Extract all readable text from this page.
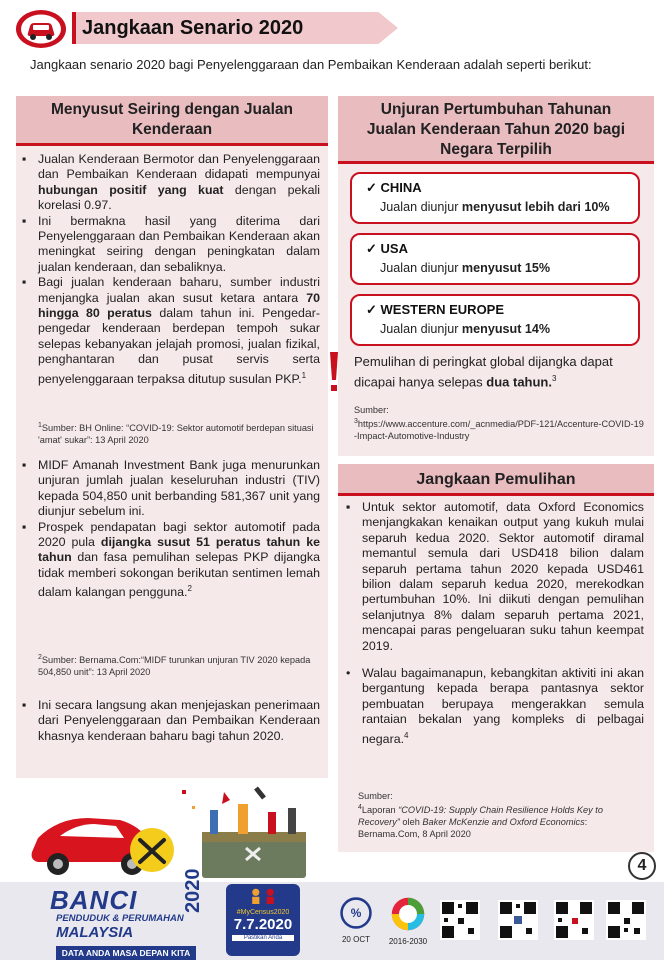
Jangkaan Senario 2020
Jangkaan senario 2020 bagi Penyelenggaraan dan Pembaikan Kenderaan adalah seperti berikut:
Menyusut Seiring dengan Jualan
Kenderaan
▪ Jualan Kenderaan Bermotor dan Penyelenggaraan dan Pembaikan Kenderaan didapati mempunyai hubungan positif yang kuat dengan pekali korelasi 0.97.
▪ Ini bermakna hasil yang diterima dari Penyelenggaraan dan Pembaikan Kenderaan akan meningkat seiring dengan peningkatan dalam jualan kenderaan, dan sebaliknya.
▪ Bagi jualan kenderaan baharu, sumber industri menjangka jualan akan susut ketara antara 70 hingga 80 peratus dalam tahun ini. Pengedar-pengedar kenderaan berdepan tempoh sukar selepas kebanyakan jelajah promosi, jualan fizikal, penghantaran dan pusat servis serta penyelenggaraan terpaksa ditutup susulan PKP.$^1$
$^1$Sumber: BH Online: “COVID-19: Sektor automotif berdepan situasi 'amat' sukar”: 13 April 2020
▪ MIDF Amanah Investment Bank juga menurunkan unjuran jumlah jualan keseluruhan industri (TIV) kepada 504,850 unit berbanding 581,367 unit yang diunjur sebelum ini.
▪ Prospek pendapatan bagi sektor automotif pada 2020 pula dijangka susut 51 peratus tahun ke tahun dan fasa pemulihan selepas PKP dijangka tidak memberi sokongan berikutan sentimen lemah dalam kalangan pengguna.$^2$
$^2$Sumber: Bernama.Com:“MIDF turunkan unjuran TIV 2020 kepada 504,850 unit”: 13 April 2020
▪ Ini secara langsung akan menjejaskan penerimaan dari Penyelenggaraan dan Pembaikan Kenderaan khasnya kenderaan baharu bagi tahun 2020.
Unjuran Pertumbuhan Tahunan
Jualan Kenderaan Tahun 2020 bagi
Negara Terpilih
✓ CHINA
Jualan diunjur menyusut lebih dari 10%
✓ USA
Jualan diunjur menyusut 15%
✓ WESTERN EUROPE
Jualan diunjur menyusut 14%
Pemulihan di peringkat global dijangka dapat dicapai hanya selepas dua tahun.$^3$
Sumber:
$^3$https://www.accenture.com/_acnmedia/PDF-121/Accenture-COVID-19-Impact-Automotive-Industry
Jangkaan Pemulihan
▪ Untuk sektor automotif, data Oxford Economics menjangkakan kenaikan output yang kukuh mulai separuh kedua 2020. Sektor automotif diramal memantul semula dari USD418 bilion dalam separuh pertama tahun 2020 kepada USD461 bilion dalam separuh kedua 2020, merekodkan pertumbuhan 10%. Ini diikuti dengan pemulihan selanjutnya 8% dalam separuh pertama 2021, mencapai paras pengeluaran suku tahun keempat 2019.
• Walau bagaimanapun, kebangkitan aktiviti ini akan bergantung kepada berapa pantasnya sektor pembuatan berupaya mengerakkan semula rantaian bekalan yang kompleks di pelbagai negara.$^4$
Sumber:
$^4$Laporan “COVID-19: Supply Chain Resilience Holds Key to Recovery” oleh Baker McKenzie and Oxford Economics: Bernama.Com, 8 April 2020
4
BANCI
PENDUDUK & PERUMAHAN
MALAYSIA
2020
DATA ANDA MASA DEPAN KITA
#MyCensus2020
7.7.2020
Pastikan Anda
%
20 OCT	2016-2030
